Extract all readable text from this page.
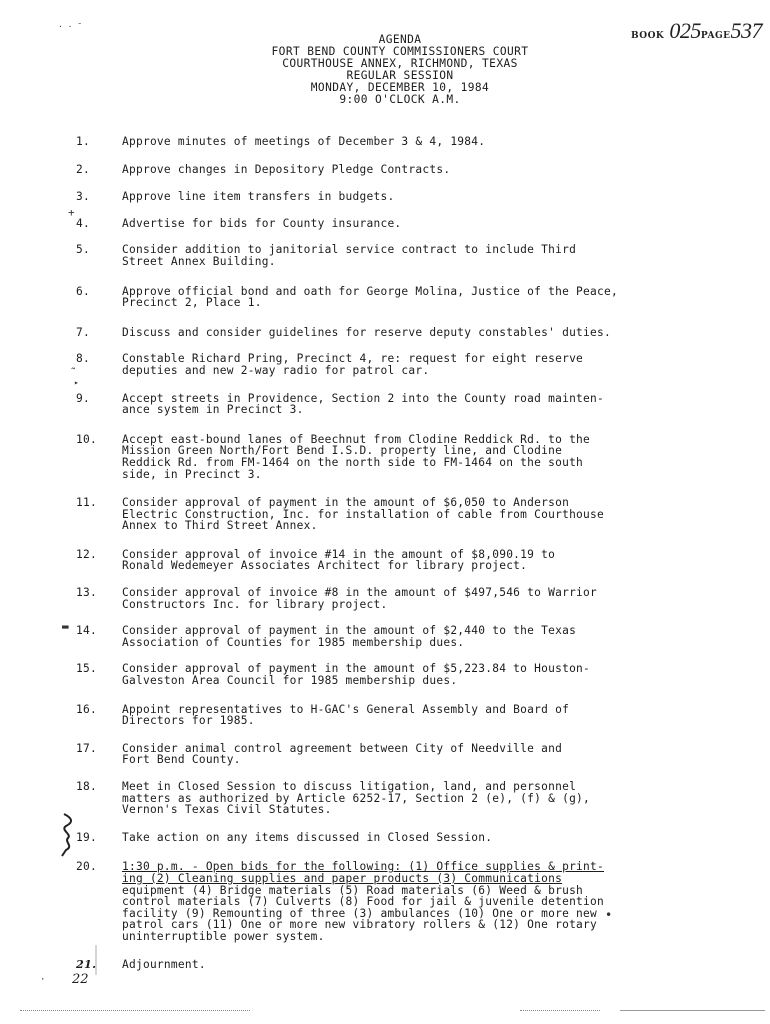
BOOK 025PAGE537
AGENDA
FORT BEND COUNTY COMMISSIONERS COURT
COURTHOUSE ANNEX, RICHMOND, TEXAS
REGULAR SESSION
MONDAY, DECEMBER 10, 1984
9:00 O'CLOCK A.M.
1.	Approve minutes of meetings of December 3 & 4, 1984.
2.	Approve changes in Depository Pledge Contracts.
3.	Approve line item transfers in budgets.
4.	Advertise for bids for County insurance.
5.	Consider addition to janitorial service contract to include Third
Street Annex Building.
6.	Approve official bond and oath for George Molina, Justice of the Peace,
Precinct 2, Place 1.
7.	Discuss and consider guidelines for reserve deputy constables' duties.
8.	Constable Richard Pring, Precinct 4, re: request for eight reserve
deputies and new 2-way radio for patrol car.
9.	Accept streets in Providence, Section 2 into the County road mainten-
ance system in Precinct 3.
10.	Accept east-bound lanes of Beechnut from Clodine Reddick Rd. to the
Mission Green North/Fort Bend I.S.D. property line, and Clodine
Reddick Rd. from FM-1464 on the north side to FM-1464 on the south
side, in Precinct 3.
11.	Consider approval of payment in the amount of $6,050 to Anderson
Electric Construction, Inc. for installation of cable from Courthouse
Annex to Third Street Annex.
12.	Consider approval of invoice #14 in the amount of $8,090.19 to
Ronald Wedemeyer Associates Architect for library project.
13.	Consider approval of invoice #8 in the amount of $497,546 to Warrior
Constructors Inc. for library project.
14.	Consider approval of payment in the amount of $2,440 to the Texas
Association of Counties for 1985 membership dues.
15.	Consider approval of payment in the amount of $5,223.84 to Houston-
Galveston Area Council for 1985 membership dues.
16.	Appoint representatives to H-GAC's General Assembly and Board of
Directors for 1985.
17.	Consider animal control agreement between City of Needville and
Fort Bend County.
18.	Meet in Closed Session to discuss litigation, land, and personnel
matters as authorized by Article 6252-17, Section 2 (e), (f) & (g),
Vernon's Texas Civil Statutes.
19.	Take action on any items discussed in Closed Session.
20.	1:30 p.m. - Open bids for the following: (1) Office supplies & print-
ing (2) Cleaning supplies and paper products (3) Communications
equipment (4) Bridge materials (5) Road materials (6) Weed & brush
control materials (7) Culverts (8) Food for jail & juvenile detention
facility (9) Remounting of three (3) ambulances (10) One or more new
patrol cars (11) One or more new vibratory rollers & (12) One rotary
uninterruptible power system.
21.	Adjournment.
22
· · ˉ
+
˜
▸
▬
•
·
